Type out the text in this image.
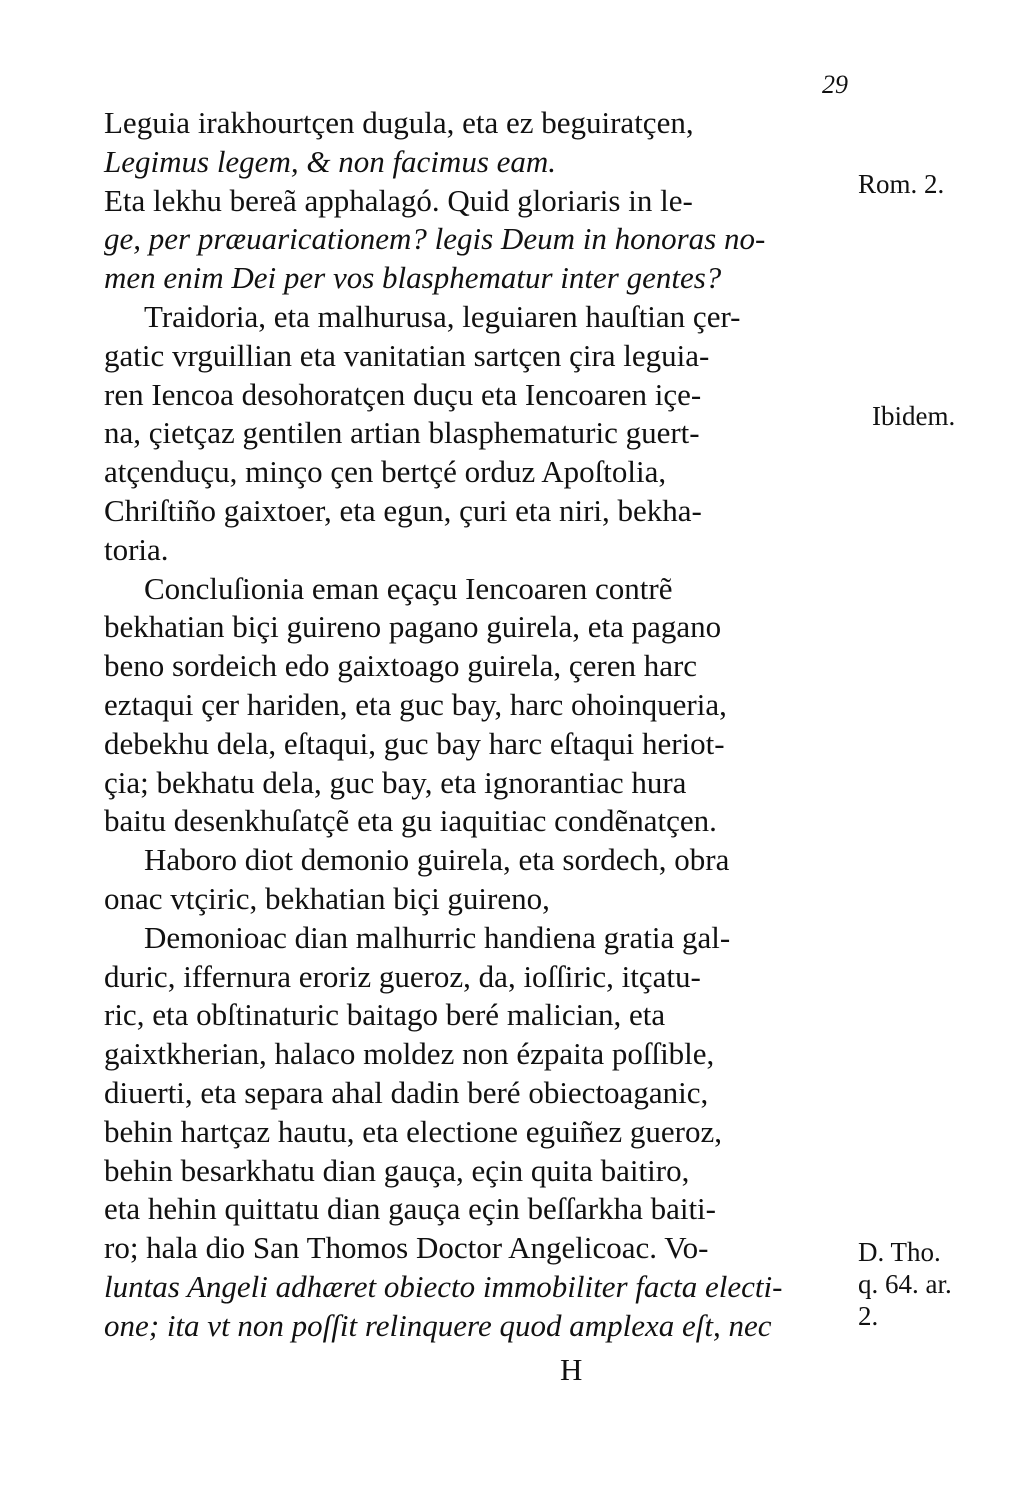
29
Leguia irakhourtçen dugula, eta ez beguiratçen,
Legimus legem, & non facimus eam.
Eta lekhu bereã apphalagó. Quid gloriaris in le-
ge, per præuaricationem? legis Deum in honoras no-
men enim Dei per vos blasphematur inter gentes?
Traidoria, eta malhurusa, leguiaren hauſtian çer-
gatic vrguillian eta vanitatian sartçen çira leguia-
ren Iencoa desohoratçen duçu eta Iencoaren içe-
na, çietçaz gentilen artian blasphematuric guert-
atçenduçu, minço çen bertçé orduz Apoſtolia,
Chriſtiño gaixtoer, eta egun, çuri eta niri, bekha-
toria.
Concluſionia eman eçaçu Iencoaren contrẽ
bekhatian biçi guireno pagano guirela, eta pagano
beno sordeich edo gaixtoago guirela, çeren harc
eztaqui çer hariden, eta guc bay, harc ohoinqueria,
debekhu dela, eſtaqui, guc bay harc eſtaqui heriot-
çia; bekhatu dela, guc bay, eta ignorantiac hura
baitu desenkhuſatçẽ eta gu iaquitiac condẽnatçen.
Haboro diot demonio guirela, eta sordech, obra
onac vtçiric, bekhatian biçi guireno,
Demonioac dian malhurric handiena gratia gal-
duric, iffernura eroriz gueroz, da, ioſſiric, itçatu-
ric, eta obſtinaturic baitago beré malician, eta
gaixtkherian, halaco moldez non ézpaita poſſible,
diuerti, eta separa ahal dadin beré obiectoaganic,
behin hartçaz hautu, eta electione eguiñez gueroz,
behin besarkhatu dian gauça, eçin quita baitiro,
eta hehin quittatu dian gauça eçin beſſarkha baiti-
ro; hala dio San Thomos Doctor Angelicoac. Vo-
luntas Angeli adhæret obiecto immobiliter facta electi-
one; ita vt non poſſit relinquere quod amplexa eſt, nec
Rom. 2.
Ibidem.
D. Tho.
q. 64. ar.
2.
H
